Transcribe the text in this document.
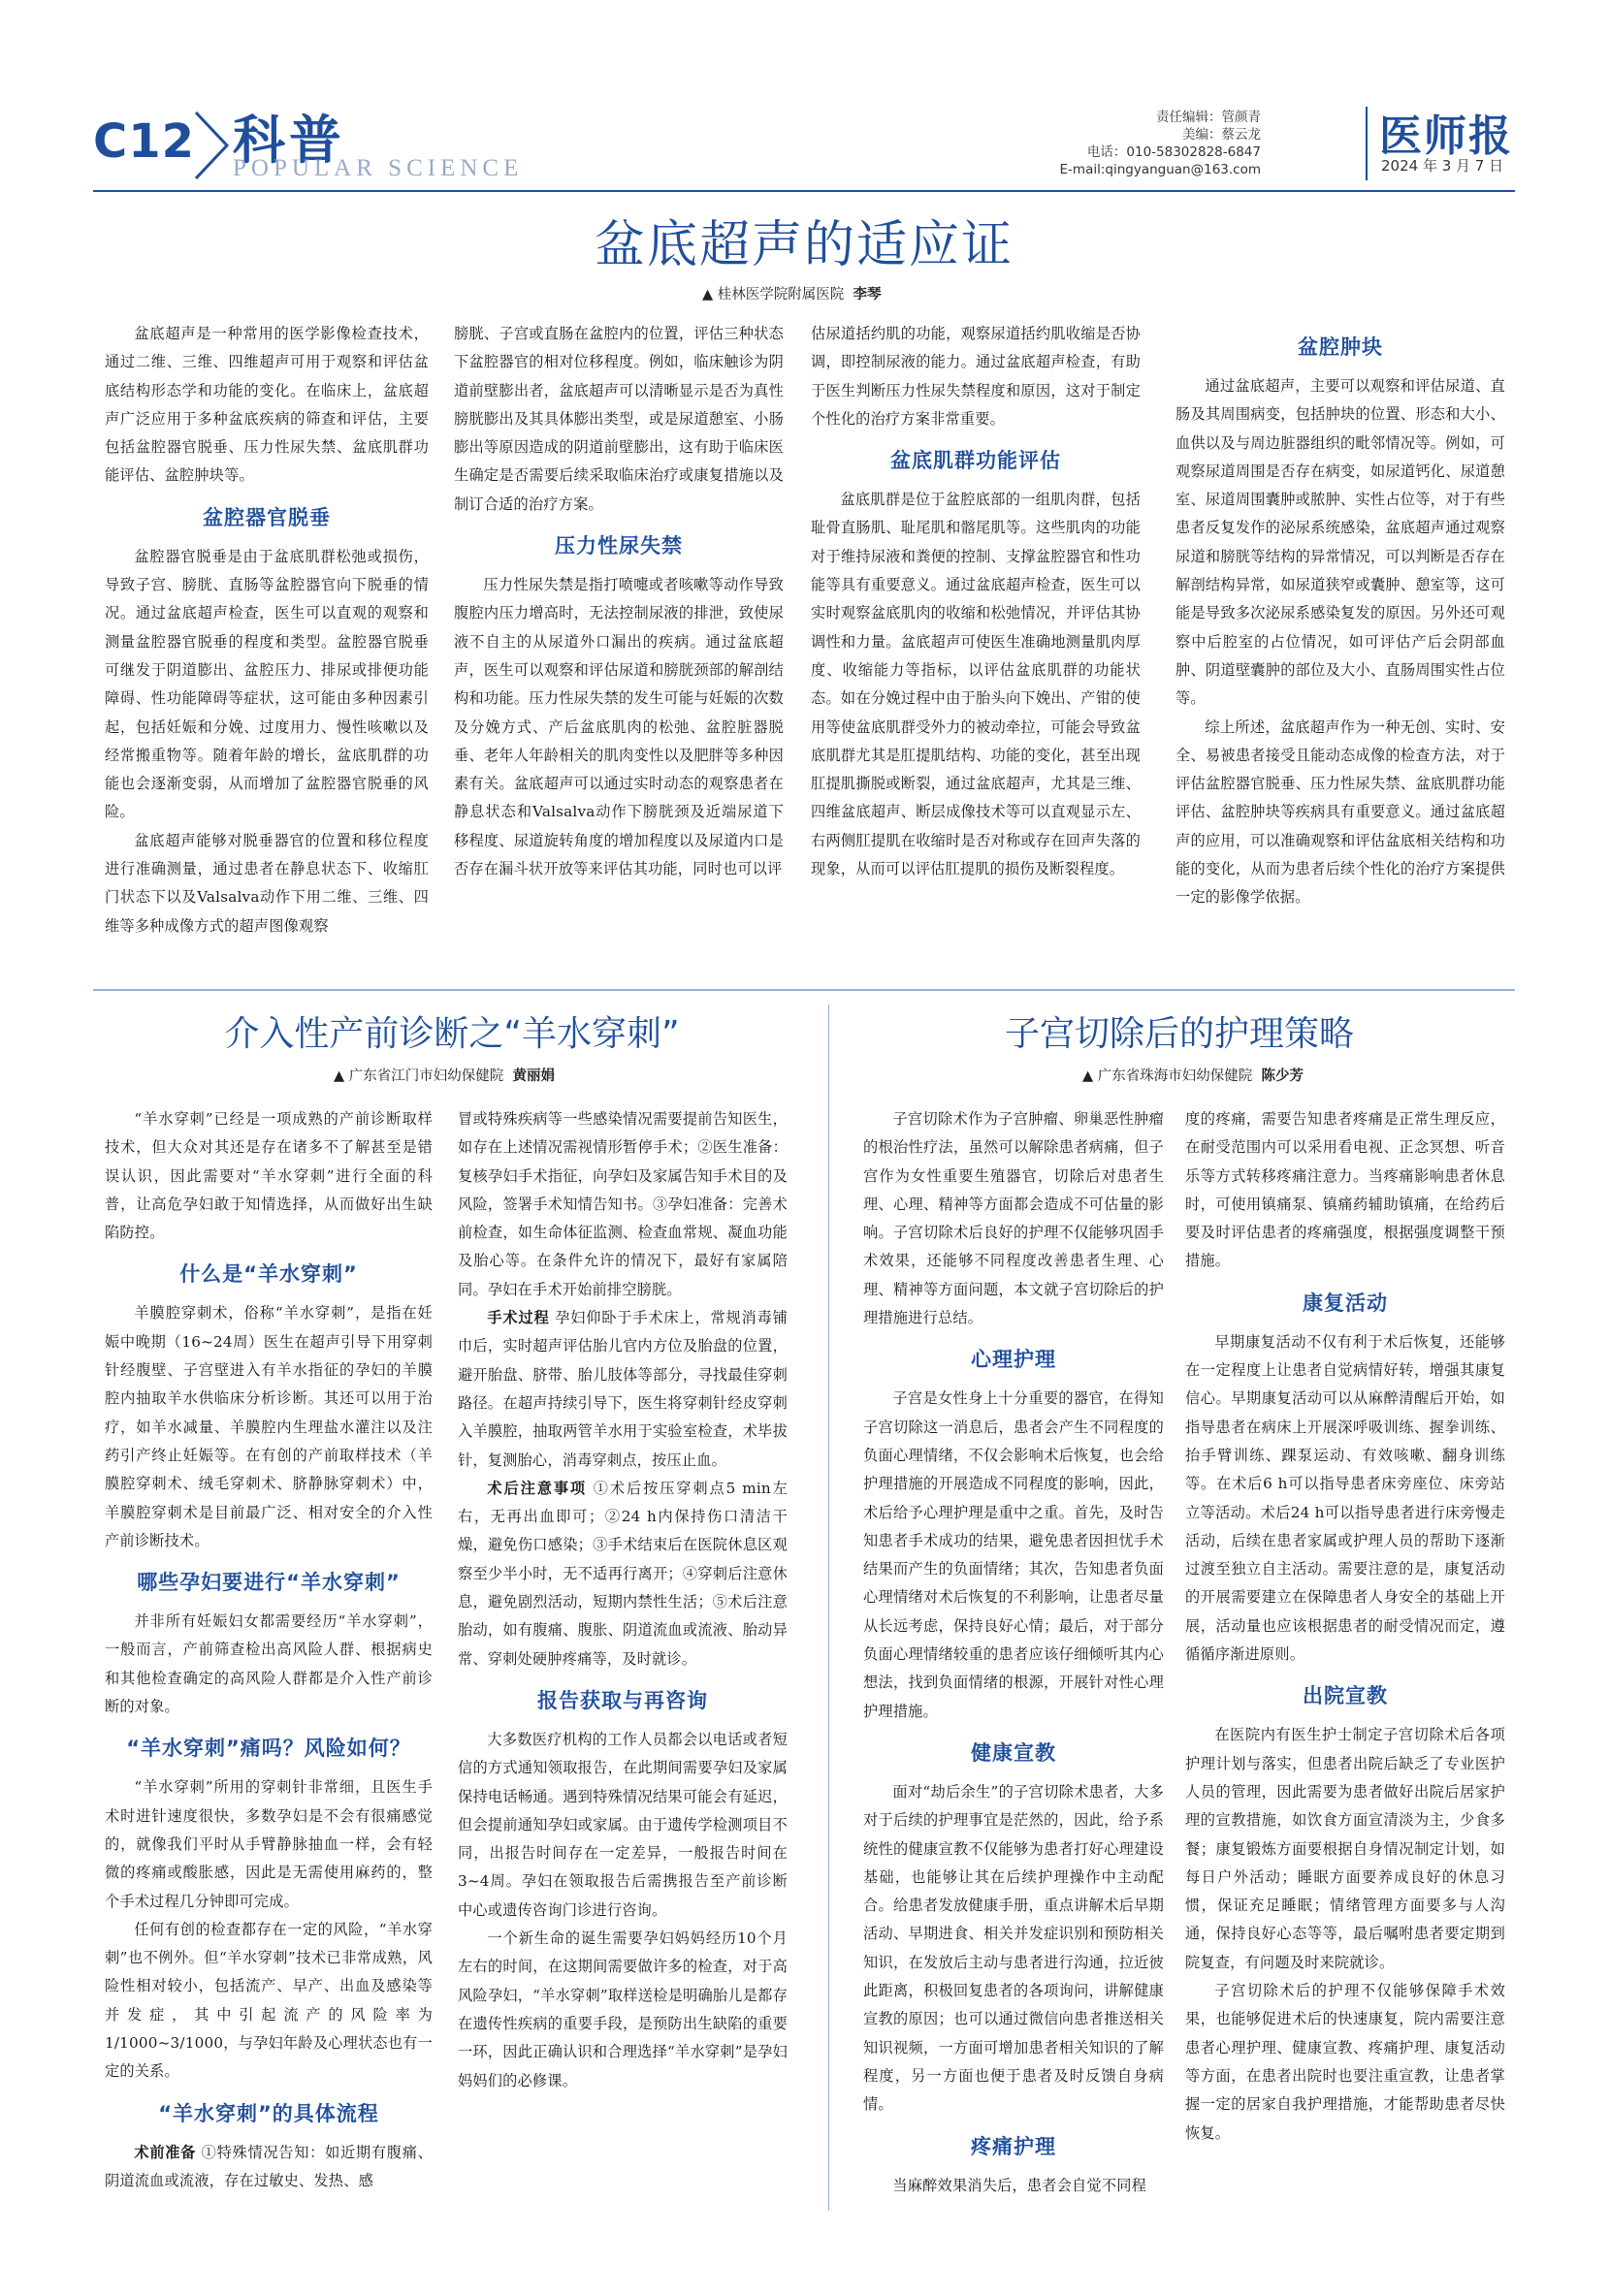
C12 科普
POPULAR SCIENCE
责任编辑：管颜青
美编：蔡云龙
电话：010-58302828-6847
E-mail:qingyanguan@163.com
医师报
2024 年 3 月 7 日
盆底超声的适应证
▲ 桂林医学院附属医院 李琴

盆底超声是一种常用的医学影像检查技术，通过二维、三维、四维超声可用于观察和评估盆底结构形态学和功能的变化。在临床上，盆底超声广泛应用于多种盆底疾病的筛查和评估，主要包括盆腔器官脱垂、压力性尿失禁、盆底肌群功能评估、盆腔肿块等。

盆腔器官脱垂

盆腔器官脱垂是由于盆底肌群松弛或损伤，导致子宫、膀胱、直肠等盆腔器官向下脱垂的情况。通过盆底超声检查，医生可以直观的观察和测量盆腔器官脱垂的程度和类型。盆腔器官脱垂可继发于阴道膨出、盆腔压力、排尿或排便功能障碍、性功能障碍等症状，这可能由多种因素引起，包括妊娠和分娩、过度用力、慢性咳嗽以及经常搬重物等。随着年龄的增长，盆底肌群的功能也会逐渐变弱，从而增加了盆腔器官脱垂的风险。

盆底超声能够对脱垂器官的位置和移位程度进行准确测量，通过患者在静息状态下、收缩肛门状态下以及Valsalva动作下用二维、三维、四维等多种成像方式的超声图像观察

膀胱、子宫或直肠在盆腔内的位置，评估三种状态下盆腔器官的相对位移程度。例如，临床触诊为阴道前壁膨出者，盆底超声可以清晰显示是否为真性膀胱膨出及其具体膨出类型，或是尿道憩室、小肠膨出等原因造成的阴道前壁膨出，这有助于临床医生确定是否需要后续采取临床治疗或康复措施以及制订合适的治疗方案。

压力性尿失禁

压力性尿失禁是指打喷嚏或者咳嗽等动作导致腹腔内压力增高时，无法控制尿液的排泄，致使尿液不自主的从尿道外口漏出的疾病。通过盆底超声，医生可以观察和评估尿道和膀胱颈部的解剖结构和功能。压力性尿失禁的发生可能与妊娠的次数及分娩方式、产后盆底肌肉的松弛、盆腔脏器脱垂、老年人年龄相关的肌肉变性以及肥胖等多种因素有关。盆底超声可以通过实时动态的观察患者在静息状态和Valsalva动作下膀胱颈及近端尿道下移程度、尿道旋转角度的增加程度以及尿道内口是否存在漏斗状开放等来评估其功能，同时也可以评

估尿道括约肌的功能，观察尿道括约肌收缩是否协调，即控制尿液的能力。通过盆底超声检查，有助于医生判断压力性尿失禁程度和原因，这对于制定个性化的治疗方案非常重要。

盆底肌群功能评估

盆底肌群是位于盆腔底部的一组肌肉群，包括耻骨直肠肌、耻尾肌和髂尾肌等。这些肌肉的功能对于维持尿液和粪便的控制、支撑盆腔器官和性功能等具有重要意义。通过盆底超声检查，医生可以实时观察盆底肌肉的收缩和松弛情况，并评估其协调性和力量。盆底超声可使医生准确地测量肌肉厚度、收缩能力等指标，以评估盆底肌群的功能状态。如在分娩过程中由于胎头向下娩出、产钳的使用等使盆底肌群受外力的被动牵拉，可能会导致盆底肌群尤其是肛提肌结构、功能的变化，甚至出现肛提肌撕脱或断裂，通过盆底超声，尤其是三维、四维盆底超声、断层成像技术等可以直观显示左、右两侧肛提肌在收缩时是否对称或存在回声失落的现象，从而可以评估肛提肌的损伤及断裂程度。

盆腔肿块

通过盆底超声，主要可以观察和评估尿道、直肠及其周围病变，包括肿块的位置、形态和大小、血供以及与周边脏器组织的毗邻情况等。例如，可观察尿道周围是否存在病变，如尿道钙化、尿道憩室、尿道周围囊肿或脓肿、实性占位等，对于有些患者反复发作的泌尿系统感染，盆底超声通过观察尿道和膀胱等结构的异常情况，可以判断是否存在解剖结构异常，如尿道狭窄或囊肿、憩室等，这可能是导致多次泌尿系感染复发的原因。另外还可观察中后腔室的占位情况，如可评估产后会阴部血肿、阴道壁囊肿的部位及大小、直肠周围实性占位等。

综上所述，盆底超声作为一种无创、实时、安全、易被患者接受且能动态成像的检查方法，对于评估盆腔器官脱垂、压力性尿失禁、盆底肌群功能评估、盆腔肿块等疾病具有重要意义。通过盆底超声的应用，可以准确观察和评估盆底相关结构和功能的变化，从而为患者后续个性化的治疗方案提供一定的影像学依据。

介入性产前诊断之“羊水穿刺”
▲ 广东省江门市妇幼保健院 黄丽娟

“羊水穿刺”已经是一项成熟的产前诊断取样技术，但大众对其还是存在诸多不了解甚至是错误认识，因此需要对“羊水穿刺”进行全面的科普，让高危孕妇敢于知情选择，从而做好出生缺陷防控。

什么是“羊水穿刺”

羊膜腔穿刺术，俗称“羊水穿刺”，是指在妊娠中晚期（16~24周）医生在超声引导下用穿刺针经腹壁、子宫壁进入有羊水指征的孕妇的羊膜腔内抽取羊水供临床分析诊断。其还可以用于治疗，如羊水减量、羊膜腔内生理盐水灌注以及注药引产终止妊娠等。在有创的产前取样技术（羊膜腔穿刺术、绒毛穿刺术、脐静脉穿刺术）中，羊膜腔穿刺术是目前最广泛、相对安全的介入性产前诊断技术。

哪些孕妇要进行“羊水穿刺”

并非所有妊娠妇女都需要经历“羊水穿刺”，一般而言，产前筛查检出高风险人群、根据病史和其他检查确定的高风险人群都是介入性产前诊断的对象。

“羊水穿刺”痛吗？风险如何？

“羊水穿刺”所用的穿刺针非常细，且医生手术时进针速度很快，多数孕妇是不会有很痛感觉的，就像我们平时从手臂静脉抽血一样，会有轻微的疼痛或酸胀感，因此是无需使用麻药的，整个手术过程几分钟即可完成。

任何有创的检查都存在一定的风险，“羊水穿刺”也不例外。但“羊水穿刺”技术已非常成熟，风险性相对较小，包括流产、早产、出血及感染等并发症，其中引起流产的风险率为1/1000~3/1000，与孕妇年龄及心理状态也有一定的关系。

“羊水穿刺”的具体流程

术前准备 ①特殊情况告知：如近期有腹痛、阴道流血或流液，存在过敏史、发热、感

冒或特殊疾病等一些感染情况需要提前告知医生，如存在上述情况需视情形暂停手术；②医生准备：复核孕妇手术指征，向孕妇及家属告知手术目的及风险，签署手术知情告知书。③孕妇准备：完善术前检查，如生命体征监测、检查血常规、凝血功能及胎心等。在条件允许的情况下，最好有家属陪同。孕妇在手术开始前排空膀胱。

手术过程 孕妇仰卧于手术床上，常规消毒铺巾后，实时超声评估胎儿官内方位及胎盘的位置，避开胎盘、脐带、胎儿肢体等部分，寻找最佳穿刺路径。在超声持续引导下，医生将穿刺针经皮穿刺入羊膜腔，抽取两管羊水用于实验室检查，术毕拔针，复测胎心，消毒穿刺点，按压止血。

术后注意事项 ①术后按压穿刺点5 min左右，无再出血即可；②24 h内保持伤口清洁干燥，避免伤口感染；③手术结束后在医院休息区观察至少半小时，无不适再行离开；④穿刺后注意休息，避免剧烈活动，短期内禁性生活；⑤术后注意胎动，如有腹痛、腹胀、阴道流血或流液、胎动异常、穿刺处硬肿疼痛等，及时就诊。

报告获取与再咨询

大多数医疗机构的工作人员都会以电话或者短信的方式通知领取报告，在此期间需要孕妇及家属保持电话畅通。遇到特殊情况结果可能会有延迟，但会提前通知孕妇或家属。由于遗传学检测项目不同，出报告时间存在一定差异，一般报告时间在3~4周。孕妇在领取报告后需携报告至产前诊断中心或遗传咨询门诊进行咨询。

一个新生命的诞生需要孕妇妈妈经历10个月左右的时间，在这期间需要做许多的检查，对于高风险孕妇，“羊水穿刺”取样送检是明确胎儿是都存在遗传性疾病的重要手段，是预防出生缺陷的重要一环，因此正确认识和合理选择“羊水穿刺”是孕妇妈妈们的必修课。

子宫切除后的护理策略
▲ 广东省珠海市妇幼保健院 陈少芳

子宫切除术作为子宫肿瘤、卵巢恶性肿瘤的根治性疗法，虽然可以解除患者病痛，但子宫作为女性重要生殖器官，切除后对患者生理、心理、精神等方面都会造成不可估量的影响。子宫切除术后良好的护理不仅能够巩固手术效果，还能够不同程度改善患者生理、心理、精神等方面问题，本文就子宫切除后的护理措施进行总结。

心理护理

子宫是女性身上十分重要的器官，在得知子宫切除这一消息后，患者会产生不同程度的负面心理情绪，不仅会影响术后恢复，也会给护理措施的开展造成不同程度的影响，因此，术后给予心理护理是重中之重。首先，及时告知患者手术成功的结果，避免患者因担忧手术结果而产生的负面情绪；其次，告知患者负面心理情绪对术后恢复的不利影响，让患者尽量从长远考虑，保持良好心情；最后，对于部分负面心理情绪较重的患者应该仔细倾听其内心想法，找到负面情绪的根源，开展针对性心理护理措施。

健康宣教

面对“劫后余生”的子宫切除术患者，大多对于后续的护理事宜是茫然的，因此，给予系统性的健康宣教不仅能够为患者打好心理建设基础，也能够让其在后续护理操作中主动配合。给患者发放健康手册，重点讲解术后早期活动、早期进食、相关并发症识别和预防相关知识，在发放后主动与患者进行沟通，拉近彼此距离，积极回复患者的各项询问，讲解健康宣教的原因；也可以通过微信向患者推送相关知识视频，一方面可增加患者相关知识的了解程度，另一方面也便于患者及时反馈自身病情。

疼痛护理

当麻醉效果消失后，患者会自觉不同程

度的疼痛，需要告知患者疼痛是正常生理反应，在耐受范围内可以采用看电视、正念冥想、听音乐等方式转移疼痛注意力。当疼痛影响患者休息时，可使用镇痛泵、镇痛药辅助镇痛，在给药后要及时评估患者的疼痛强度，根据强度调整干预措施。

康复活动

早期康复活动不仅有利于术后恢复，还能够在一定程度上让患者自觉病情好转，增强其康复信心。早期康复活动可以从麻醉清醒后开始，如指导患者在病床上开展深呼吸训练、握拳训练、抬手臂训练、踝泵运动、有效咳嗽、翻身训练等。在术后6 h可以指导患者床旁座位、床旁站立等活动。术后24 h可以指导患者进行床旁慢走活动，后续在患者家属或护理人员的帮助下逐渐过渡至独立自主活动。需要注意的是，康复活动的开展需要建立在保障患者人身安全的基础上开展，活动量也应该根据患者的耐受情况而定，遵循循序渐进原则。

出院宣教

在医院内有医生护士制定子宫切除术后各项护理计划与落实，但患者出院后缺乏了专业医护人员的管理，因此需要为患者做好出院后居家护理的宣教措施，如饮食方面宣清淡为主，少食多餐；康复锻炼方面要根据自身情况制定计划，如每日户外活动；睡眠方面要养成良好的休息习惯，保证充足睡眠；情绪管理方面要多与人沟通，保持良好心态等等，最后嘱咐患者要定期到院复查，有问题及时来院就诊。

子宫切除术后的护理不仅能够保障手术效果，也能够促进术后的快速康复，院内需要注意患者心理护理、健康宣教、疼痛护理、康复活动等方面，在患者出院时也要注重宣教，让患者掌握一定的居家自我护理措施，才能帮助患者尽快恢复。
